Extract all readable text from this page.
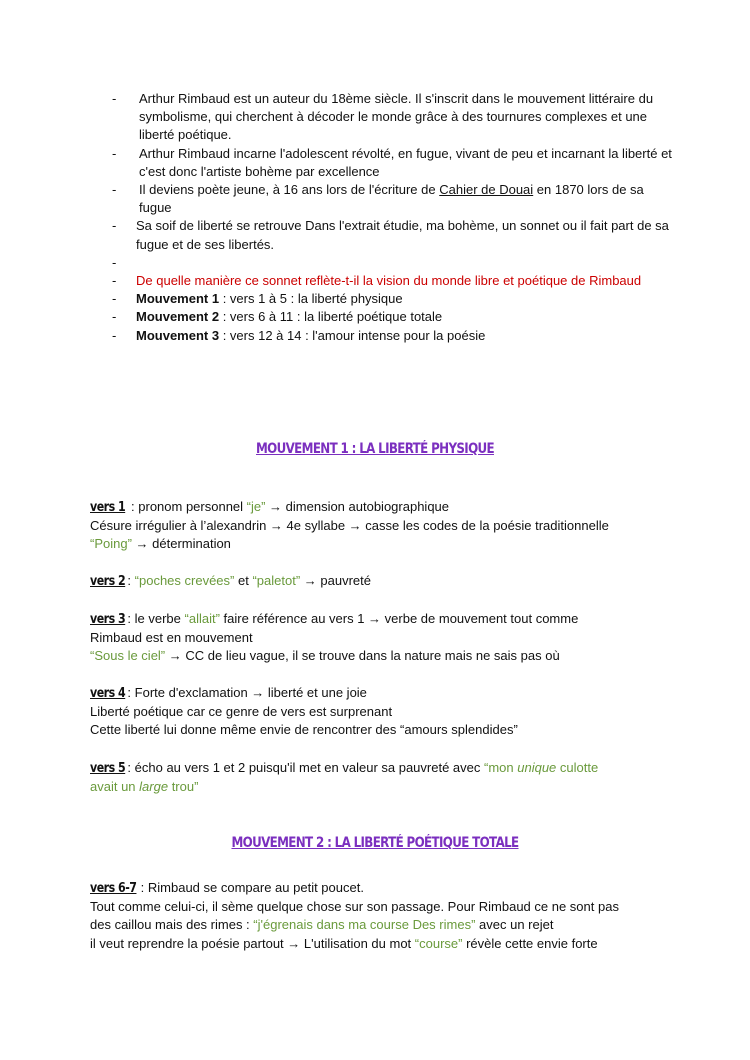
- Arthur Rimbaud est un auteur du 18ème siècle. Il s'inscrit dans le mouvement littéraire du symbolisme, qui cherchent à décoder le monde grâce à des tournures complexes et une liberté poétique.
- Arthur Rimbaud incarne l'adolescent révolté, en fugue, vivant de peu et incarnant la liberté et c'est donc l'artiste bohème par excellence
- Il deviens poète jeune, à 16 ans lors de l'écriture de Cahier de Douai en 1870 lors de sa fugue
- Sa soif de liberté se retrouve Dans l'extrait étudie, ma bohème, un sonnet ou il fait part de sa fugue et de ses libertés.
-
- De quelle manière ce sonnet reflète-t-il la vision du monde libre et poétique de Rimbaud
- Mouvement 1 : vers 1 à 5 : la liberté physique
- Mouvement 2 : vers 6 à 11 : la liberté poétique totale
- Mouvement 3 : vers 12 à 14 : l'amour intense pour la poésie
MOUVEMENT 1 : LA LIBERTÉ PHYSIQUE
vers 1 : pronom personnel “je” → dimension autobiographique
Césure irrégulier à l’alexandrin → 4e syllabe → casse les codes de la poésie traditionnelle
“Poing” → détermination
vers 2: “poches crevées” et “paletot” → pauvreté
vers 3: le verbe “allait” faire référence au vers 1 → verbe de mouvement tout comme
Rimbaud est en mouvement
“Sous le ciel” → CC de lieu vague, il se trouve dans la nature mais ne sais pas où
vers 4: Forte d'exclamation → liberté et une joie
Liberté poétique car ce genre de vers est surprenant
Cette liberté lui donne même envie de rencontrer des “amours splendides”
vers 5: écho au vers 1 et 2 puisqu'il met en valeur sa pauvreté avec “mon unique culotte
avait un large trou”
MOUVEMENT 2 : LA LIBERTÉ POÉTIQUE TOTALE
vers 6-7: Rimbaud se compare au petit poucet.
Tout comme celui-ci, il sème quelque chose sur son passage. Pour Rimbaud ce ne sont pas
des caillou mais des rimes : “j'égrenais dans ma course Des rimes” avec un rejet
il veut reprendre la poésie partout → L'utilisation du mot “course” révèle cette envie forte
